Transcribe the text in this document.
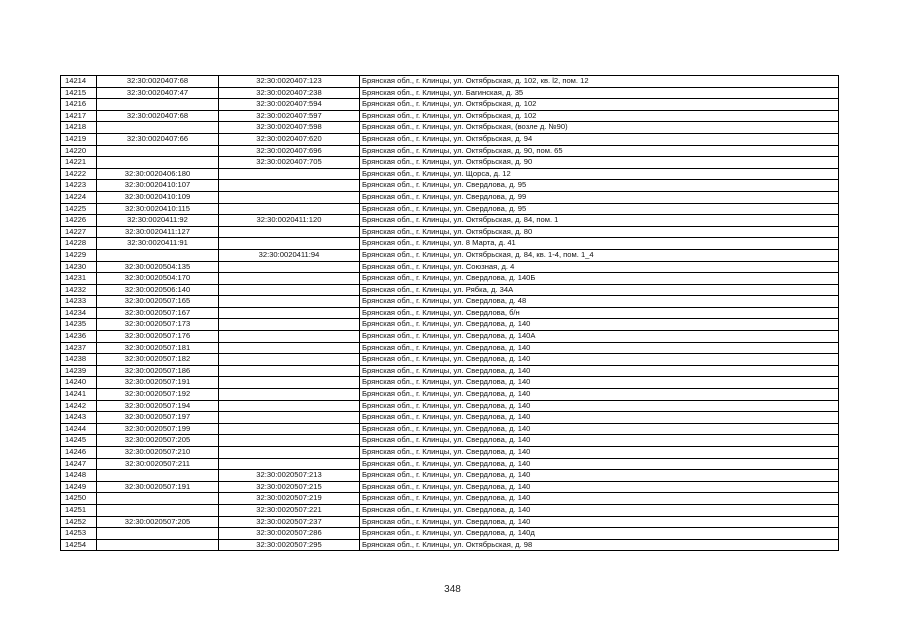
14214	32:30:0020407:68	32:30:0020407:123	Брянская обл., г. Клинцы, ул. Октябрьская, д. 102, кв. l2, пом. 12
14215	32:30:0020407:47	32:30:0020407:238	Брянская обл., г. Клинцы, ул. Багинская, д. 35
14216		32:30:0020407:594	Брянская обл., г. Клинцы, ул. Октябрьская, д. 102
14217	32:30:0020407:68	32:30:0020407:597	Брянская обл., г. Клинцы, ул. Октябрьская, д. 102
14218		32:30:0020407:598	Брянская обл., г. Клинцы, ул. Октябрьская, (возле д. №90)
14219	32:30:0020407:66	32:30:0020407:620	Брянская обл., г. Клинцы, ул. Октябрьская, д. 94
14220		32:30:0020407:696	Брянская обл., г. Клинцы, ул. Октябрьская, д. 90, пом. 65
14221		32:30:0020407:705	Брянская обл., г. Клинцы, ул. Октябрьская, д. 90
14222	32:30:0020406:180		Брянская обл., г. Клинцы, ул. Щорса, д. 12
14223	32:30:0020410:107		Брянская обл., г. Клинцы, ул. Свердлова, д. 95
14224	32:30:0020410:109		Брянская обл., г. Клинцы, ул. Свердлова, д. 99
14225	32:30:0020410:115		Брянская обл., г. Клинцы, ул. Свердлова, д. 95
14226	32:30:0020411:92	32:30:0020411:120	Брянская обл., г. Клинцы, ул. Октябрьская, д. 84, пом. 1
14227	32:30:0020411:127		Брянская обл., г. Клинцы, ул. Октябрьская, д. 80
14228	32:30:0020411:91		Брянская обл., г. Клинцы, ул. 8 Марта, д. 41
14229		32:30:0020411:94	Брянская обл., г. Клинцы, ул. Октябрьская, д. 84, кв. 1-4, пом. 1_4
14230	32:30:0020504:135		Брянская обл., г. Клинцы, ул. Союзная, д. 4
14231	32:30:0020504:170		Брянская обл., г. Клинцы, ул. Свердлова, д. 140Б
14232	32:30:0020506:140		Брянская обл., г. Клинцы, ул. Рябка, д. 34А
14233	32:30:0020507:165		Брянская обл., г. Клинцы, ул. Свердлова, д. 48
14234	32:30:0020507:167		Брянская обл., г. Клинцы, ул. Свердлова, б/н
14235	32:30:0020507:173		Брянская обл., г. Клинцы, ул. Свердлова, д. 140
14236	32:30:0020507:176		Брянская обл., г. Клинцы, ул. Свердлова, д. 140А
14237	32:30:0020507:181		Брянская обл., г. Клинцы, ул. Свердлова, д. 140
14238	32:30:0020507:182		Брянская обл., г. Клинцы, ул. Свердлова, д. 140
14239	32:30:0020507:186		Брянская обл., г. Клинцы, ул. Свердлова, д. 140
14240	32:30:0020507:191		Брянская обл., г. Клинцы, ул. Свердлова, д. 140
14241	32:30:0020507:192		Брянская обл., г. Клинцы, ул. Свердлова, д. 140
14242	32:30:0020507:194		Брянская обл., г. Клинцы, ул. Свердлова, д. 140
14243	32:30:0020507:197		Брянская обл., г. Клинцы, ул. Свердлова, д. 140
14244	32:30:0020507:199		Брянская обл., г. Клинцы, ул. Свердлова, д. 140
14245	32:30:0020507:205		Брянская обл., г. Клинцы, ул. Свердлова, д. 140
14246	32:30:0020507:210		Брянская обл., г. Клинцы, ул. Свердлова, д. 140
14247	32:30:0020507:211		Брянская обл., г. Клинцы, ул. Свердлова, д. 140
14248		32:30:0020507:213	Брянская обл., г. Клинцы, ул. Свердлова, д. 140
14249	32:30:0020507:191	32:30:0020507:215	Брянская обл., г. Клинцы, ул. Свердлова, д. 140
14250		32:30:0020507:219	Брянская обл., г. Клинцы, ул. Свердлова, д. 140
14251		32:30:0020507:221	Брянская обл., г. Клинцы, ул. Свердлова, д. 140
14252	32:30:0020507:205	32:30:0020507:237	Брянская обл., г. Клинцы, ул. Свердлова, д. 140
14253		32:30:0020507:286	Брянская обл., г. Клинцы, ул. Свердлова, д. 140д
14254		32:30:0020507:295	Брянская обл., г. Клинцы, ул. Октябрьская, д. 98
348
